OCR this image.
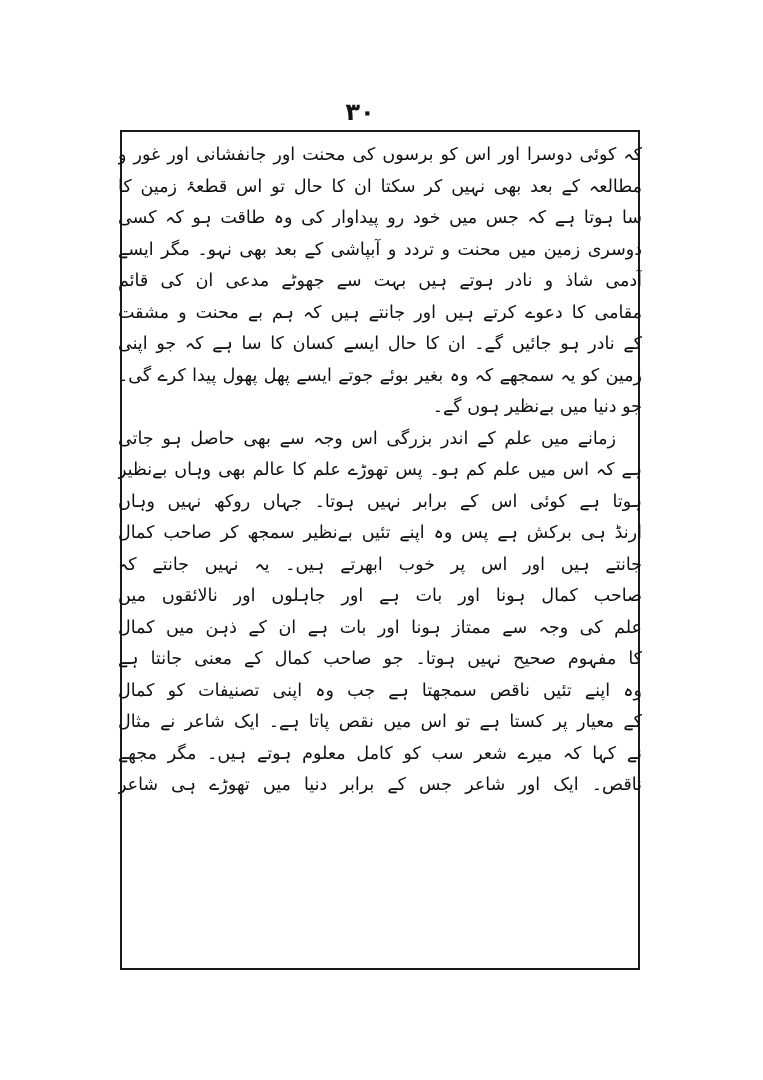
۳۰
کہ کوئی دوسرا اور اس کو برسوں کی محنت اور جانفشانی اور غور و
مطالعہ کے بعد بھی نہیں کر سکتا ان کا حال تو اس قطعۂ زمین کا
سا ہوتا ہے کہ جس میں خود رو پیداوار کی وہ طاقت ہو کہ کسی
دوسری زمین میں محنت و تردد و آبپاشی کے بعد بھی نہو۔ مگر ایسے
آدمی شاذ و نادر ہوتے ہیں بہت سے جھوٹے مدعی ان کی قائم
مقامی کا دعوے کرتے ہیں اور جانتے ہیں کہ ہم بے محنت و مشقت
کے نادر ہو جائیں گے۔ ان کا حال ایسے کسان کا سا ہے کہ جو اپنی
زمین کو یہ سمجھے کہ وہ بغیر بوئے جوتے ایسے پھل پھول پیدا کرے گی۔
جو دنیا میں بےنظیر ہوں گے۔
زمانے میں علم کے اندر بزرگی اس وجہ سے بھی حاصل ہو جاتی
ہے کہ اس میں علم کم ہو۔ پس تھوڑے علم کا عالم بھی وہاں بےنظیر
ہوتا ہے کوئی اس کے برابر نہیں ہوتا۔ جہاں روکھ نہیں وہاں
ارنڈ ہی برکش ہے پس وہ اپنے تئیں بےنظیر سمجھ کر صاحب کمال
جانتے ہیں اور اس پر خوب ابھرتے ہیں۔ یہ نہیں جانتے کہ
صاحب کمال ہونا اور بات ہے اور جاہلوں اور نالائقوں میں
علم کی وجہ سے ممتاز ہونا اور بات ہے ان کے ذہن میں کمال
کا مفہوم صحیح نہیں ہوتا۔ جو صاحب کمال کے معنی جانتا ہے
وہ اپنے تئیں ناقص سمجھتا ہے جب وہ اپنی تصنیفات کو کمال
کے معیار پر کستا ہے تو اس میں نقص پاتا ہے۔ ایک شاعر نے مثال
نے کہا کہ میرے شعر سب کو کامل معلوم ہوتے ہیں۔ مگر مجھے
ناقص۔ ایک اور شاعر جس کے برابر دنیا میں تھوڑے ہی شاعر
